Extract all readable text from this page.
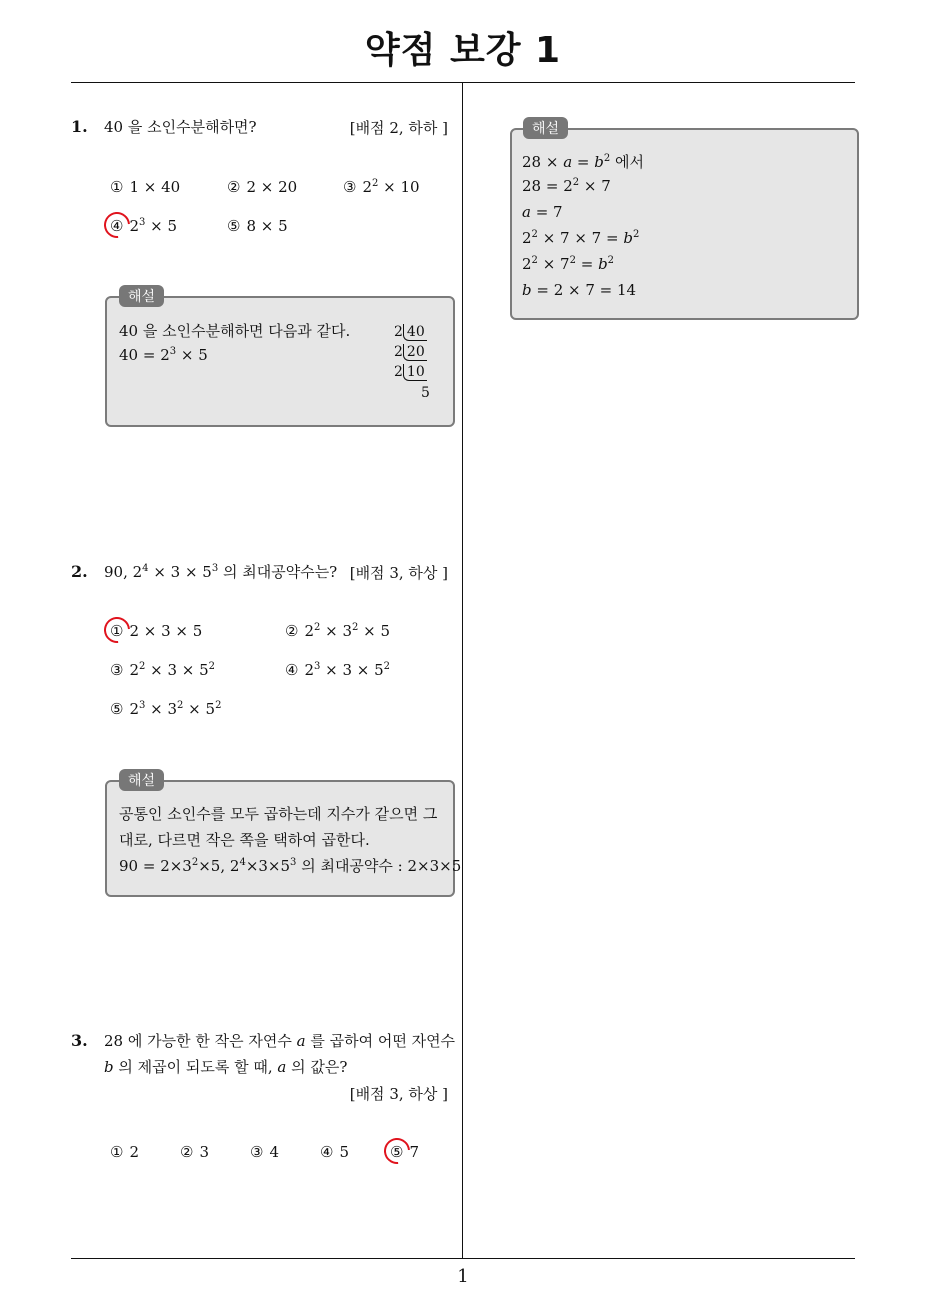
약점 보강 1
1
1. 40 을 소인수분해하면?	[배점 2, 하하 ]
① 1 × 40	② 2 × 20	③ $2^2 \times 10$
④ $2^3 \times 5$	⑤ 8 × 5
40 을 소인수분해하면 다음과 같다.
$40 = 2^3 \times 5$
2 40
2 20
2 10
5
해설
2. 90, $2^4 \times 3 \times 5^3$ 의 최대공약수는? [배점 3, 하상 ]
① 2 × 3 × 5	② $2^2 \times 3^2 \times 5$
③ $2^2 \times 3 \times 5^2$	④ $2^3 \times 3 \times 5^2$
⑤ $2^3 \times 3^2 \times 5^2$
공통인 소인수를 모두 곱하는데 지수가 같으면 그
대로, 다르면 작은 쪽을 택하여 곱한다.
$90 = 2\times 3^2\times 5$, $2^4\times 3\times 5^3$ 의 최대공약수 : 2×3×5
해설
3. 28 에 가능한 한 작은 자연수 a 를 곱하여 어떤 자연수
b 의 제곱이 되도록 할 때, a 의 값은?
[배점 3, 하상 ]
① 2	② 3	③ 4	④ 5	⑤ 7
$28 \times a = b^2$ 에서
$28 = 2^2 \times 7$
a = 7
$2^2 \times 7 \times 7 = b^2$
$2^2 \times 7^2 = b^2$
b = 2 × 7 = 14
해설
